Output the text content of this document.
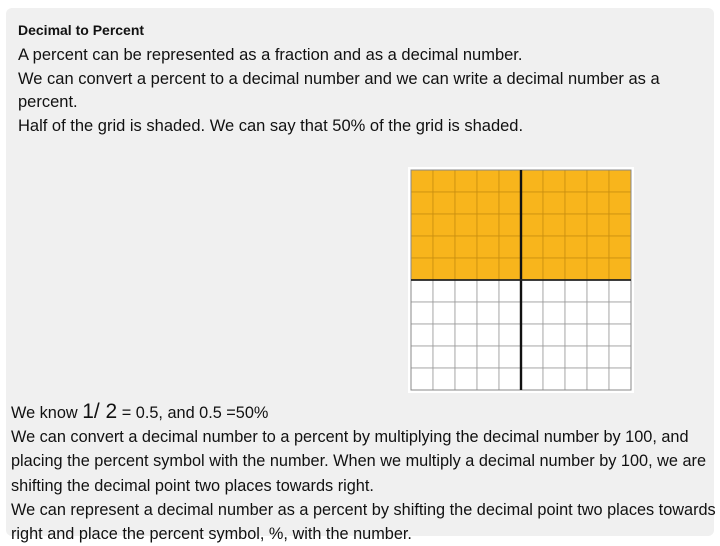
Decimal to Percent

A percent can be represented as a fraction and as a decimal number.

We can convert a percent to a decimal number and we can write a decimal number as a percent.

Half of the grid is shaded. We can say that 50% of the grid is shaded.

We know 1/ 2 = 0.5, and 0.5 =50%

We can convert a decimal number to a percent by multiplying the decimal number by 100, and placing the percent symbol with the number. When we multiply a decimal number by 100, we are shifting the decimal point two places towards right.

We can represent a decimal number as a percent by shifting the decimal point two places towards right and place the percent symbol, %, with the number.
